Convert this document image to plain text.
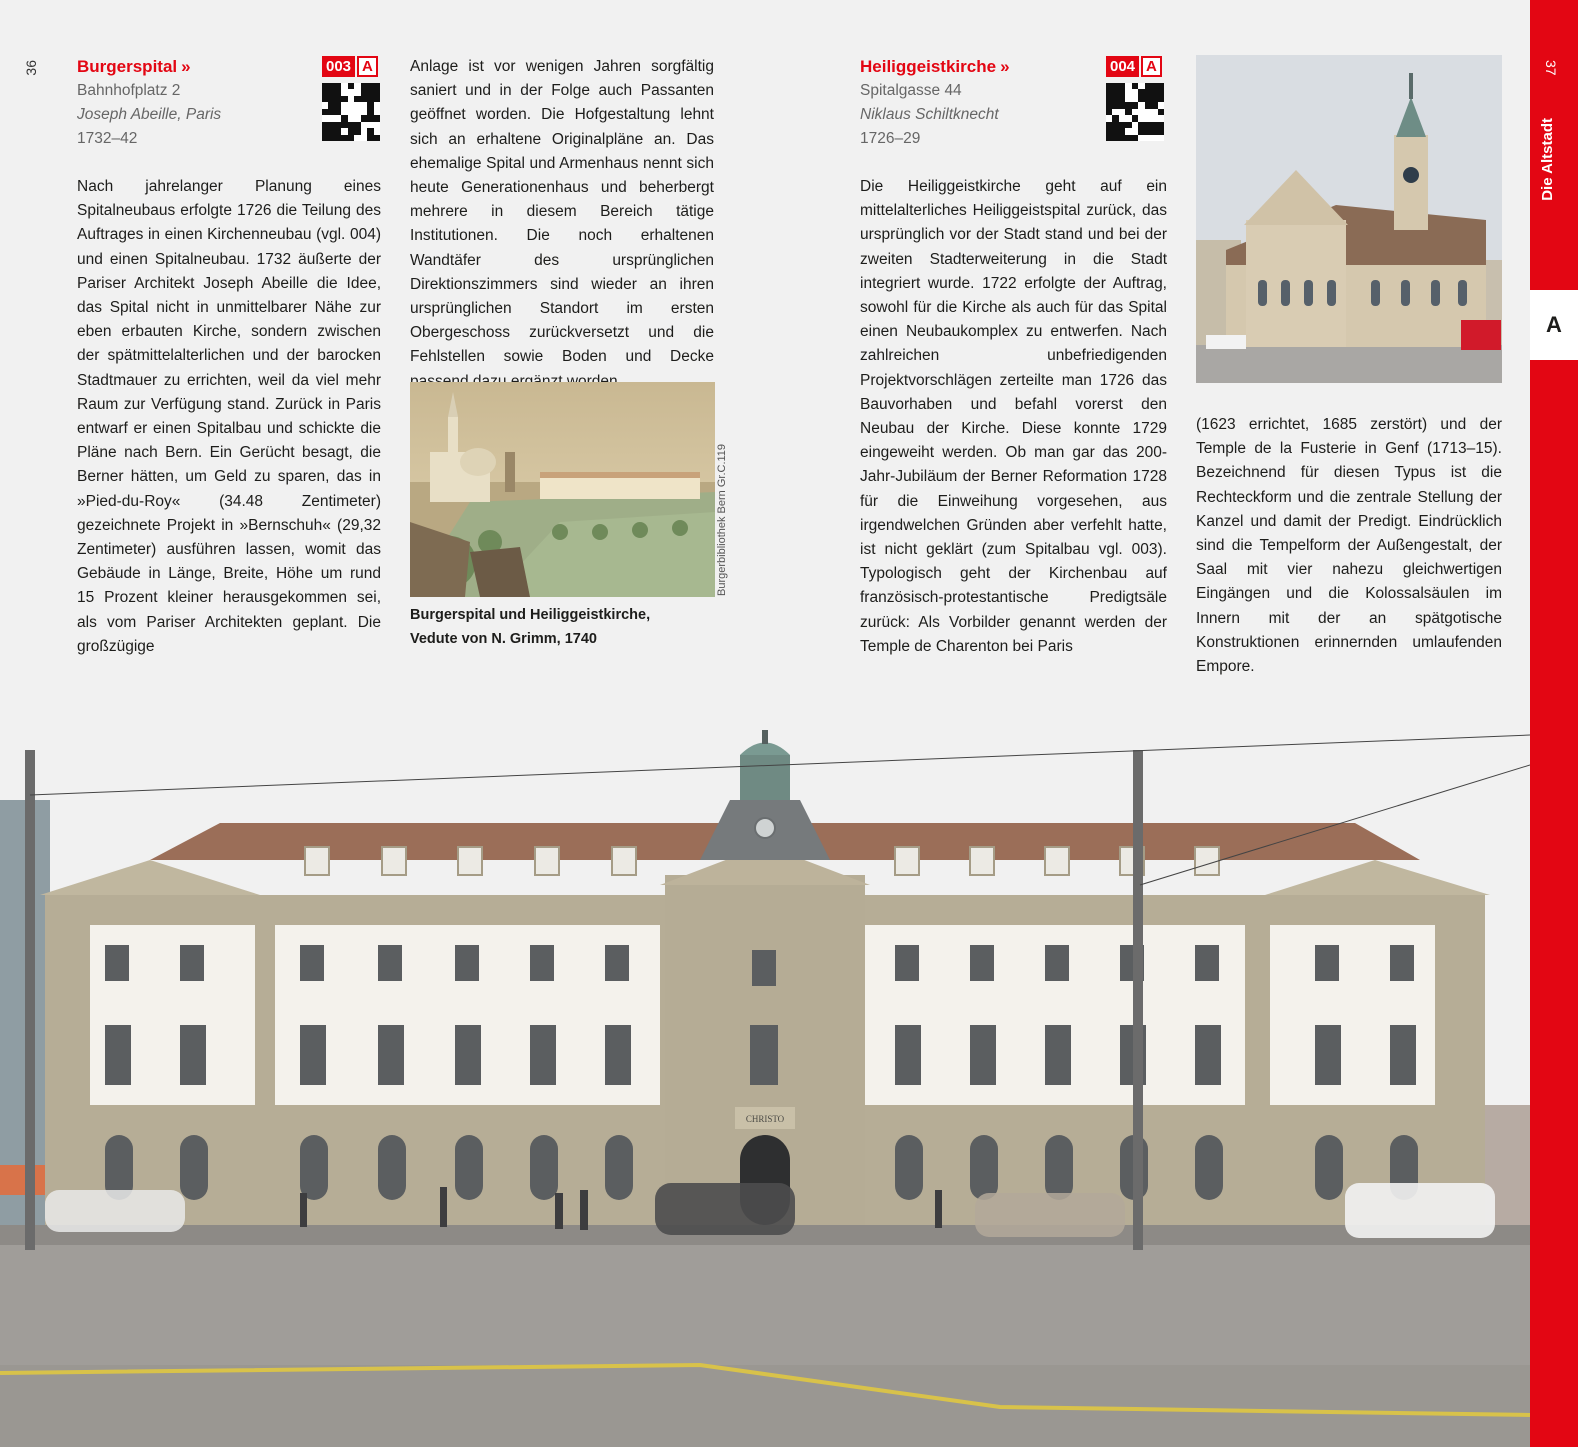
36 Burgerspital »
Bahnhofplatz 2
Joseph Abeille, Paris
1732–42
003 A
Nach jahrelanger Planung eines Spitalneubaus erfolgte 1726 die Teilung des Auftrages in einen Kirchenneubau (vgl. 004) und einen Spitalneubau. 1732 äußerte der Pariser Architekt Joseph Abeille die Idee, das Spital nicht in unmittelbarer Nähe zur eben erbauten Kirche, sondern zwischen der spätmittelalterlichen und der barocken Stadtmauer zu errichten, weil da viel mehr Raum zur Verfügung stand. Zurück in Paris entwarf er einen Spitalbau und schickte die Pläne nach Bern. Ein Gerücht besagt, die Berner hätten, um Geld zu sparen, das in »Pied-du-Roy« (34.48 Zentimeter) gezeichnete Projekt in »Bernschuh« (29,32 Zentimeter) ausführen lassen, womit das Gebäude in Länge, Breite, Höhe um rund 15 Prozent kleiner herausgekommen sei, als vom Pariser Architekten geplant. Die großzügige
Anlage ist vor wenigen Jahren sorgfältig saniert und in der Folge auch Passanten geöffnet worden. Die Hofgestaltung lehnt sich an erhaltene Originalpläne an. Das ehemalige Spital und Armenhaus nennt sich heute Generationenhaus und beherbergt mehrere in diesem Bereich tätige Institutionen. Die noch erhaltenen Wandtäfer des ursprünglichen Direktionszimmers sind wieder an ihren ursprünglichen Standort im ersten Obergeschoss zurückversetzt und die Fehlstellen sowie Boden und Decke
Burgerbibliothek Bern Gr.C.119
Burgerspital und Heiliggeistkirche,
Vedute von N. Grimm, 1740
Heiliggeistkirche »
Spitalgasse 44
Niklaus Schiltknecht
1726–29
004 A
Die Heiliggeistkirche geht auf ein mittelalterliches Heiliggeistspital zurück, das ursprünglich vor der Stadt stand und bei der zweiten Stadterweiterung in die Stadt integriert wurde. 1722 erfolgte der Auftrag, sowohl für die Kirche als auch für das Spital einen Neubaukomplex zu entwerfen. Nach zahlreichen unbefriedigenden Projektvorschlägen zerteilte man 1726 das Bauvorhaben und befahl vorerst den Neubau der Kirche. Diese konnte 1729 eingeweiht werden. Ob man gar das 200-Jahr-Jubiläum der Berner Reformation 1728 für die Einweihung vorgesehen, aus irgendwelchen Gründen aber verfehlt hatte, ist nicht geklärt (zum Spitalbau vgl. 003). Typologisch geht der Kirchenbau auf französisch-protestantische Predigtsäle zurück: Als Vorbilder genannt werden der Temple de Charenton bei Paris
(1623 errichtet, 1685 zerstört) und der Temple de la Fusterie in Genf (1713–15). Bezeichnend für diesen Typus ist die Rechteckform und die zentrale Stellung der Kanzel und damit der Predigt. Eindrücklich sind die Tempelform der Außengestalt, der Saal mit vier nahezu gleichwertigen Eingängen und die Kolossalsäulen im Innern mit der an spätgotische Konstruktionen erinnernden umlaufenden Empore.
37
Die Altstadt
A
CHRISTO
